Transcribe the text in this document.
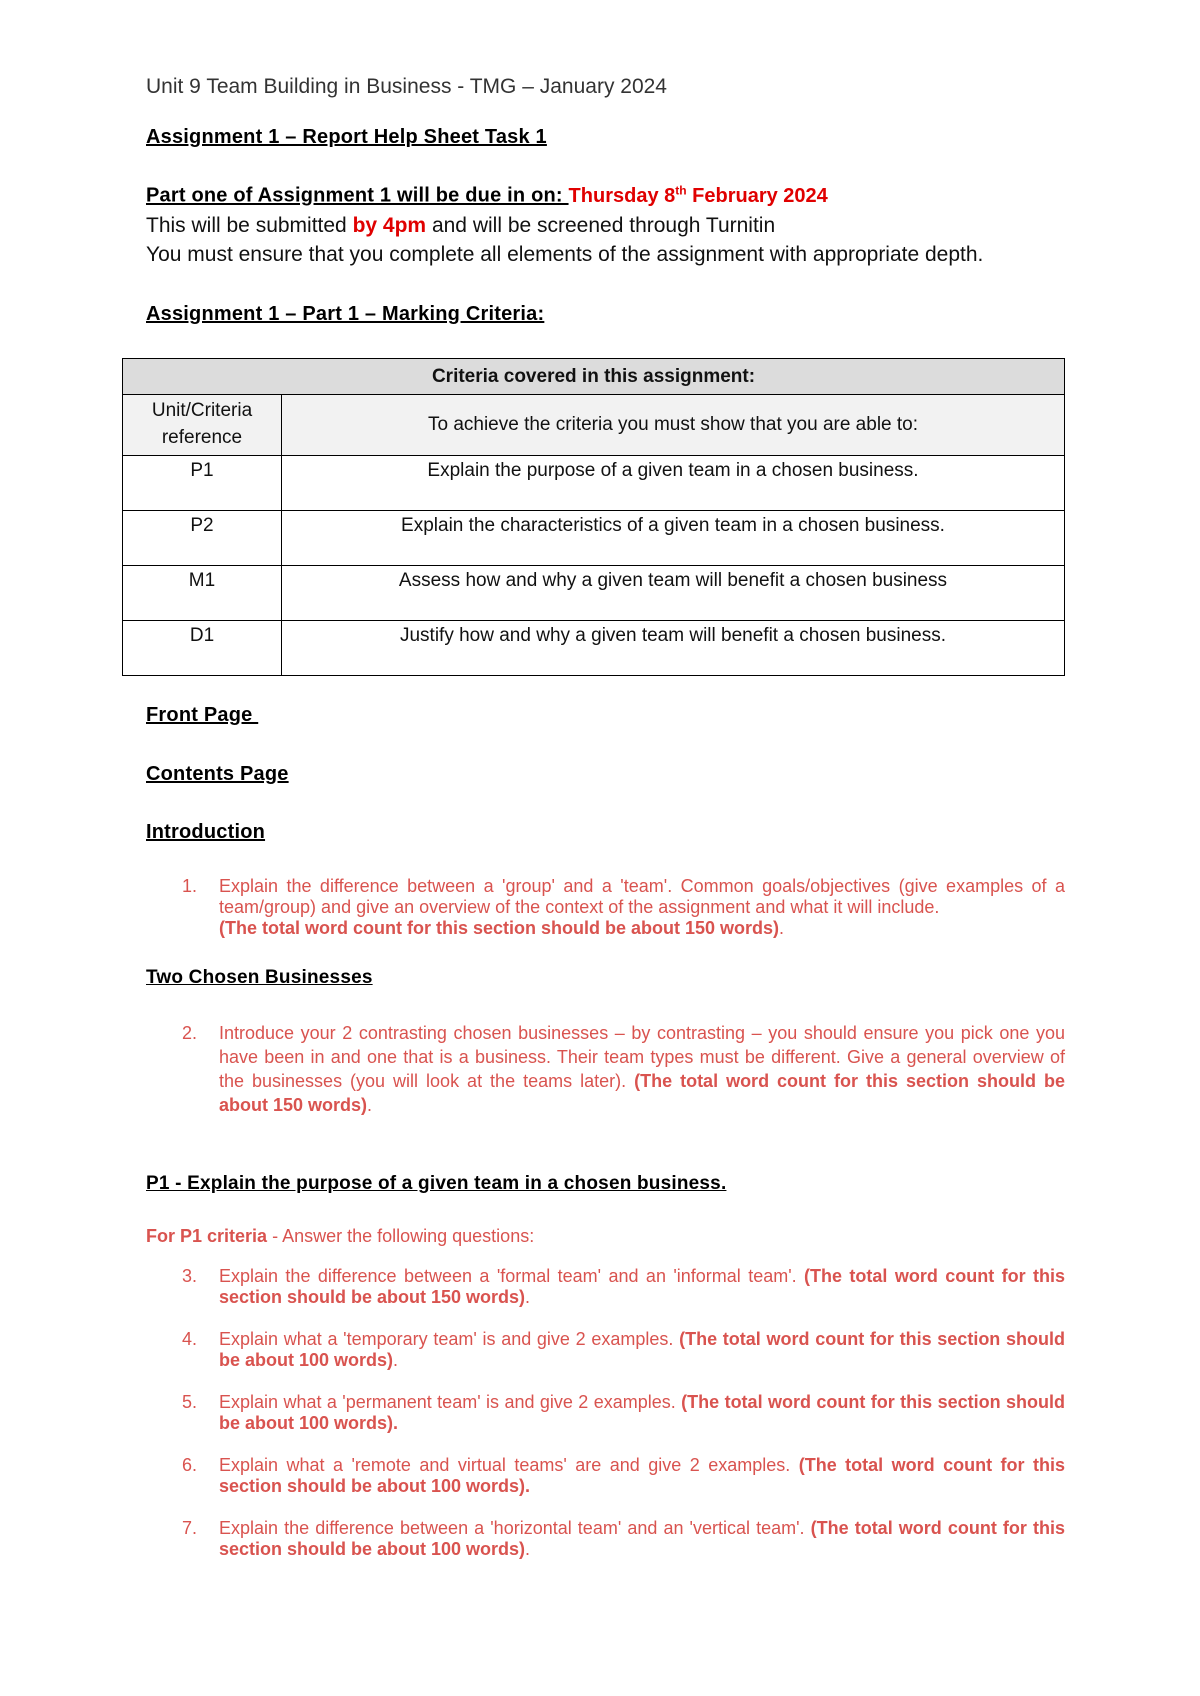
Unit 9 Team Building in Business - TMG – January 2024
Assignment 1 – Report Help Sheet Task 1
Part one of Assignment 1 will be due in on: Thursday 8th February 2024
This will be submitted by 4pm and will be screened through Turnitin
You must ensure that you complete all elements of the assignment with appropriate depth.
Assignment 1 – Part 1 – Marking Criteria:
Criteria covered in this assignment:	
Unit/Criteria reference	To achieve the criteria you must show that you are able to:
P1	Explain the purpose of a given team in a chosen business.
P2	Explain the characteristics of a given team in a chosen business.
M1	Assess how and why a given team will benefit a chosen business
D1	Justify how and why a given team will benefit a chosen business.
Front Page
Contents Page
Introduction
1. Explain the difference between a 'group' and a 'team'. Common goals/objectives (give examples of a team/group) and give an overview of the context of the assignment and what it will include.
(The total word count for this section should be about 150 words).
Two Chosen Businesses
2. Introduce your 2 contrasting chosen businesses – by contrasting – you should ensure you pick one you have been in and one that is a business. Their team types must be different. Give a general overview of the businesses (you will look at the teams later). (The total word count for this section should be about 150 words).
P1 - Explain the purpose of a given team in a chosen business.
For P1 criteria - Answer the following questions:
3. Explain the difference between a 'formal team' and an 'informal team'. (The total word count for this section should be about 150 words).
4. Explain what a 'temporary team' is and give 2 examples. (The total word count for this section should be about 100 words).
5. Explain what a 'permanent team' is and give 2 examples. (The total word count for this section should be about 100 words).
6. Explain what a 'remote and virtual teams' are and give 2 examples. (The total word count for this section should be about 100 words).
7. Explain the difference between a 'horizontal team' and an 'vertical team'. (The total word count for this section should be about 100 words).
